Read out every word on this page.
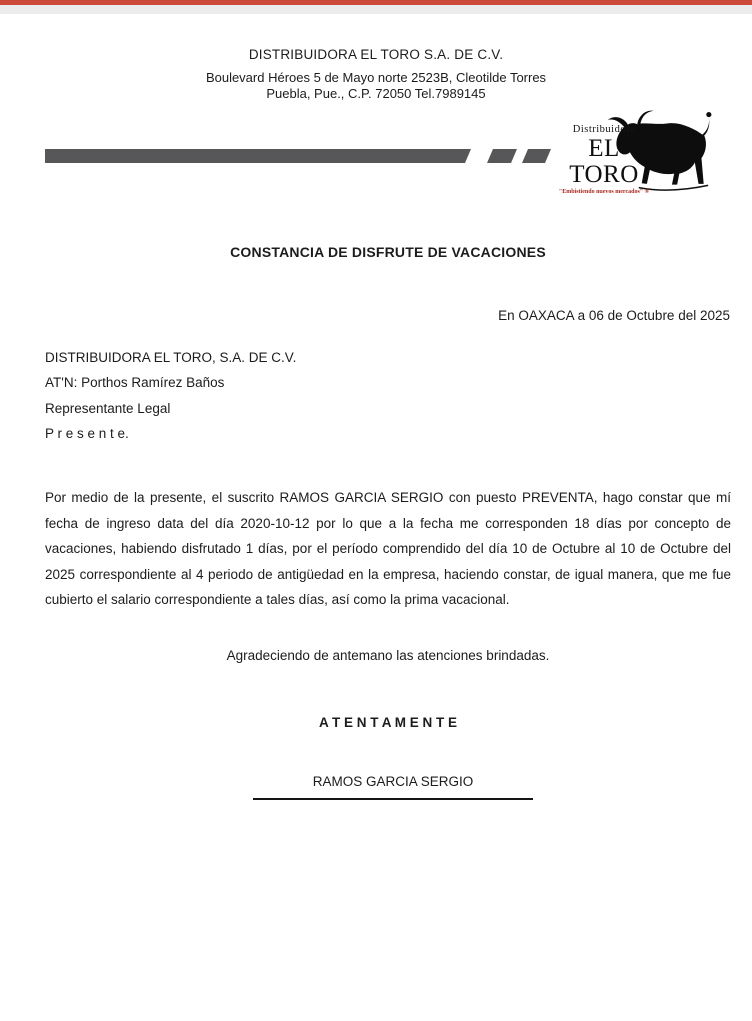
DISTRIBUIDORA EL TORO S.A. DE C.V.
Boulevard Héroes 5 de Mayo norte 2523B, Cleotilde Torres
Puebla, Pue., C.P. 72050 Tel.7989145
Distribuidora
EL TORO
"Embistiendo nuevos mercados" ®
CONSTANCIA DE DISFRUTE DE VACACIONES
En OAXACA a 06 de Octubre del 2025
DISTRIBUIDORA EL TORO, S.A. DE C.V.
AT'N: Porthos Ramírez Baños
Representante Legal
P r e s e n t e.

Por medio de la presente, el suscrito RAMOS GARCIA SERGIO con puesto PREVENTA, hago constar que mí fecha de ingreso data del día 2020-10-12 por lo que a la fecha me corresponden 18 días por concepto de vacaciones, habiendo disfrutado 1 días, por el período comprendido del día 10 de Octubre al 10 de Octubre del 2025 correspondiente al 4 periodo de antigüedad en la empresa, haciendo constar, de igual manera, que me fue cubierto el salario correspondiente a tales días, así como la prima vacacional.

Agradeciendo de antemano las atenciones brindadas.
A T E N T A M E N T E
RAMOS GARCIA SERGIO
